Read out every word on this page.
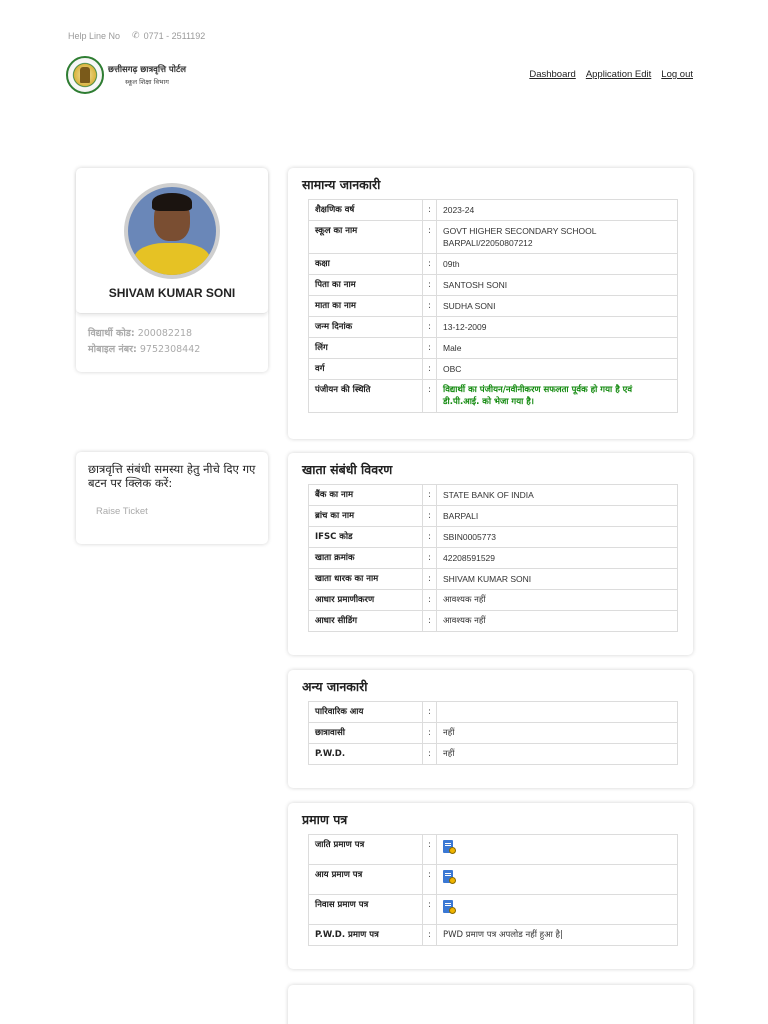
Help Line No ✆ 0771 - 2511192
छत्तीसगढ़ छात्रवृत्ति पोर्टल
स्कूल शिक्षा विभाग
Dashboard Application Edit Log out
SHIVAM KUMAR SONI
विद्यार्थी कोड: 200082218
मोबाइल नंबर: 9752308442
छात्रवृत्ति संबंधी समस्या हेतु नीचे दिए गए बटन पर क्लिक करें:
Raise Ticket
सामान्य जानकारी
शैक्षणिक वर्ष	:	2023-24
स्कूल का नाम	:	GOVT HIGHER SECONDARY SCHOOL BARPALI/22050807212
कक्षा	:	09th
पिता का नाम	:	SANTOSH SONI
माता का नाम	:	SUDHA SONI
जन्म दिनांक	:	13-12-2009
लिंग	:	Male
वर्ग	:	OBC
पंजीयन की स्थिति	:	विद्यार्थी का पंजीयन/नवीनीकरण सफलता पूर्वक हो गया है एवं डी.पी.आई. को भेजा गया है।
खाता संबंधी विवरण
बैंक का नाम	:	STATE BANK OF INDIA
ब्रांच का नाम	:	BARPALI
IFSC कोड	:	SBIN0005773
खाता क्रमांक	:	42208591529
खाता धारक का नाम	:	SHIVAM KUMAR SONI
आधार प्रमाणीकरण	:	आवश्यक नहीं
आधार सीडिंग	:	आवश्यक नहीं
अन्य जानकारी
पारिवारिक आय	:	
छात्रावासी	:	नहीं
P.W.D.	:	नहीं
प्रमाण पत्र
जाति प्रमाण पत्र	:	

आय प्रमाण पत्र	:	

निवास प्रमाण पत्र	:	

P.W.D. प्रमाण पत्र	:	PWD प्रमाण पत्र अपलोड नहीं हुआ है|
